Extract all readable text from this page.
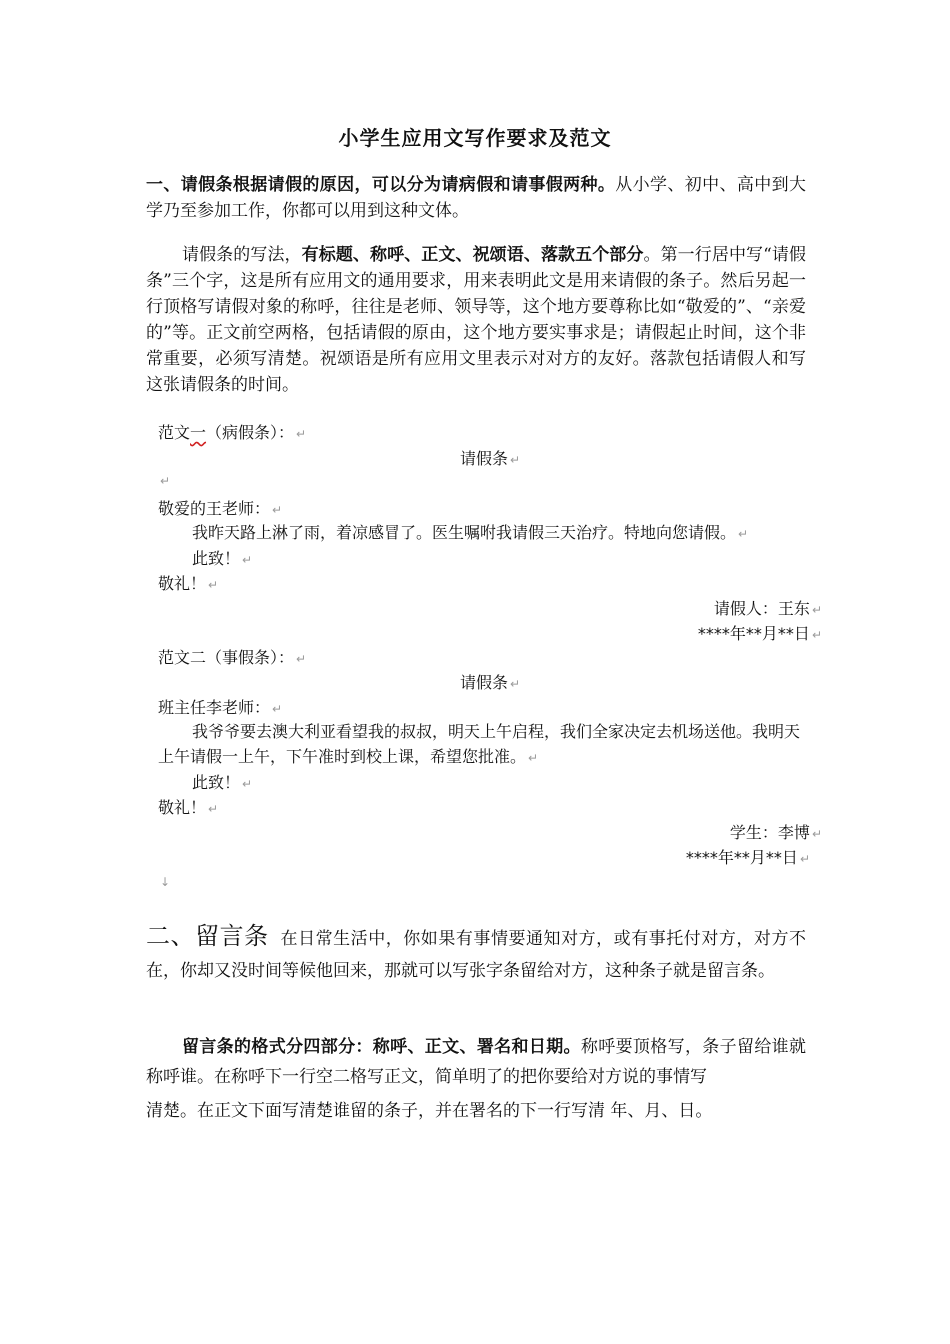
小学生应用文写作要求及范文
一、请假条根据请假的原因，可以分为请病假和请事假两种。从小学、初中、高中到大学乃至参加工作，你都可以用到这种文体。
请假条的写法，有标题、称呼、正文、祝颂语、落款五个部分。第一行居中写“请假条”三个字，这是所有应用文的通用要求，用来表明此文是用来请假的条子。然后另起一行顶格写请假对象的称呼，往往是老师、领导等，这个地方要尊称比如“敬爱的”、“亲爱的”等。正文前空两格，包括请假的原由，这个地方要实事求是；请假起止时间，这个非常重要，必须写清楚。祝颂语是所有应用文里表示对对方的友好。落款包括请假人和写这张请假条的时间。
范文一（病假条）： ↵
请假条 ↵
↵
敬爱的王老师： ↵
我昨天路上淋了雨，着凉感冒了。医生嘱咐我请假三天治疗。特地向您请假。 ↵
此致！ ↵
敬礼！ ↵
请假人：王东 ↵
****年**月**日 ↵
范文二（事假条）： ↵
请假条 ↵
班主任李老师： ↵
我爷爷要去澳大利亚看望我的叔叔，明天上午启程，我们全家决定去机场送他。我明天
上午请假一上午，下午准时到校上课，希望您批准。 ↵
此致！ ↵
敬礼！ ↵
学生：李博 ↵
****年**月**日 ↵
↓
二、留言条 在日常生活中，你如果有事情要通知对方，或有事托付对方，对方不在，你却又没时间等候他回来，那就可以写张字条留给对方，这种条子就是留言条。
留言条的格式分四部分：称呼、正文、署名和日期。称呼要顶格写，条子留给谁就称呼谁。在称呼下一行空二格写正文，简单明了的把你要给对方说的事情写
清楚。在正文下面写清楚谁留的条子，并在署名的下一行写清 年、月、日。
